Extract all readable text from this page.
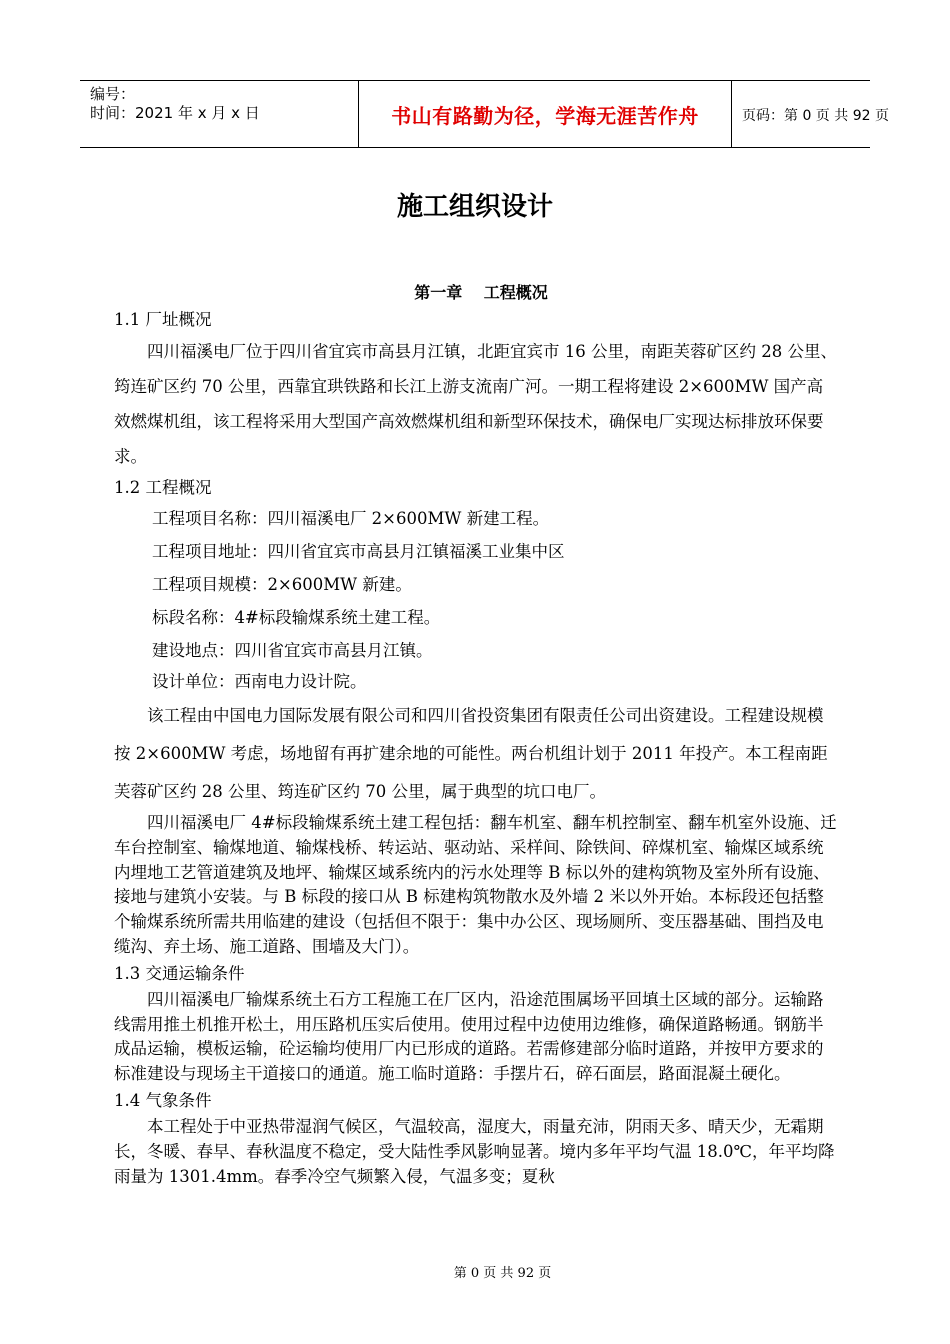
编号：
时间：2021 年 x 月 x 日	书山有路勤为径，学海无涯苦作舟	页码：第 0 页 共 92 页
施工组织设计
第一章　 工程概况
1.1 厂址概况

四川福溪电厂位于四川省宜宾市高县月江镇，北距宜宾市 16 公里，南距芙蓉矿区约 28 公里、筠连矿区约 70 公里，西靠宜珙铁路和长江上游支流南广河。一期工程将建设 2×600MW 国产高效燃煤机组，该工程将采用大型国产高效燃煤机组和新型环保技术，确保电厂实现达标排放环保要求。

1.2 工程概况

工程项目名称：四川福溪电厂 2×600MW 新建工程。

工程项目地址：四川省宜宾市高县月江镇福溪工业集中区

工程项目规模：2×600MW 新建。

标段名称：4#标段输煤系统土建工程。

建设地点：四川省宜宾市高县月江镇。

设计单位：西南电力设计院。

该工程由中国电力国际发展有限公司和四川省投资集团有限责任公司出资建设。工程建设规模按 2×600MW 考虑，场地留有再扩建余地的可能性。两台机组计划于 2011 年投产。本工程南距芙蓉矿区约 28 公里、筠连矿区约 70 公里，属于典型的坑口电厂。

四川福溪电厂 4#标段输煤系统土建工程包括：翻车机室、翻车机控制室、翻车机室外设施、迁车台控制室、输煤地道、输煤栈桥、转运站、驱动站、采样间、除铁间、碎煤机室、输煤区域系统内埋地工艺管道建筑及地坪、输煤区域系统内的污水处理等 B 标以外的建构筑物及室外所有设施、接地与建筑小安装。与 B 标段的接口从 B 标建构筑物散水及外墙 2 米以外开始。本标段还包括整个输煤系统所需共用临建的建设（包括但不限于：集中办公区、现场厕所、变压器基础、围挡及电缆沟、弃土场、施工道路、围墙及大门）。

1.3 交通运输条件

四川福溪电厂输煤系统土石方工程施工在厂区内，沿途范围属场平回填土区域的部分。运输路线需用推土机推开松土，用压路机压实后使用。使用过程中边使用边维修，确保道路畅通。钢筋半成品运输，模板运输，砼运输均使用厂内已形成的道路。若需修建部分临时道路，并按甲方要求的标准建设与现场主干道接口的通道。施工临时道路：手摆片石，碎石面层，路面混凝土硬化。

1.4 气象条件

本工程处于中亚热带湿润气候区，气温较高，湿度大，雨量充沛，阴雨天多、晴天少，无霜期长，冬暖、春早、春秋温度不稳定，受大陆性季风影响显著。境内多年平均气温 18.0℃，年平均降雨量为 1301.4mm。春季冷空气频繁入侵，气温多变；夏秋

第 0 页 共 92 页
